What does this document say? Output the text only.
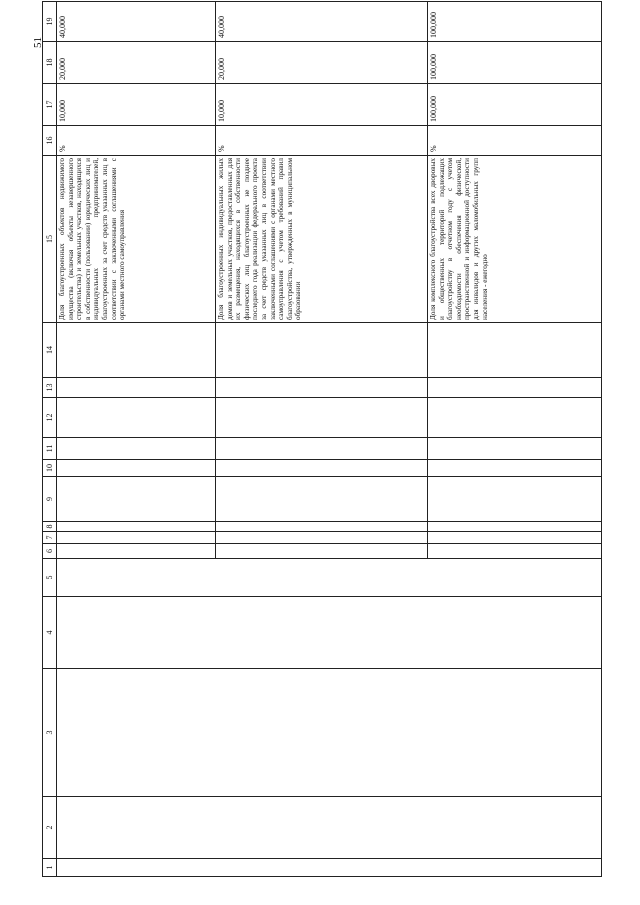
51
1	2	3	4	5	6	7	8	9	10	11	12	13	14	15	16	17	18	19

														Доля благоустроенных объектов недвижимого имущества (включая объекты незавершенного строительства) и земельных участков, находящихся в собственности (пользовании) юридических лиц и индивидуальных предпринимателей, благоустроенных за счет средств указанных лиц в соответствии с заключенными соглашениями с органами местного самоуправления	%	10,000	20,000	40,000

														Доля благоустроенных индивидуальных жилых домов и земельных участков, предоставленных для их размещения, находящихся в собственности физических лиц благоустроенных не позднее последнего года реализации федерального проекта за счет средств указанных лиц в соответствии заключенными соглашениями с органами местного самоуправления с учетом требований правил благоустройства, утвержденных в муниципальном образовании	%	10,000	20,000	40,000

														Доля комплексного благоустройства всех дворовых и общественных территорий подлежащих благоустройству в отчетном году с учетом необходимости обеспечения физической, пространственной и информационной доступности для инвалидов и других маломобильных групп населения - ежегодно	%	100,000	100,000	100,000
